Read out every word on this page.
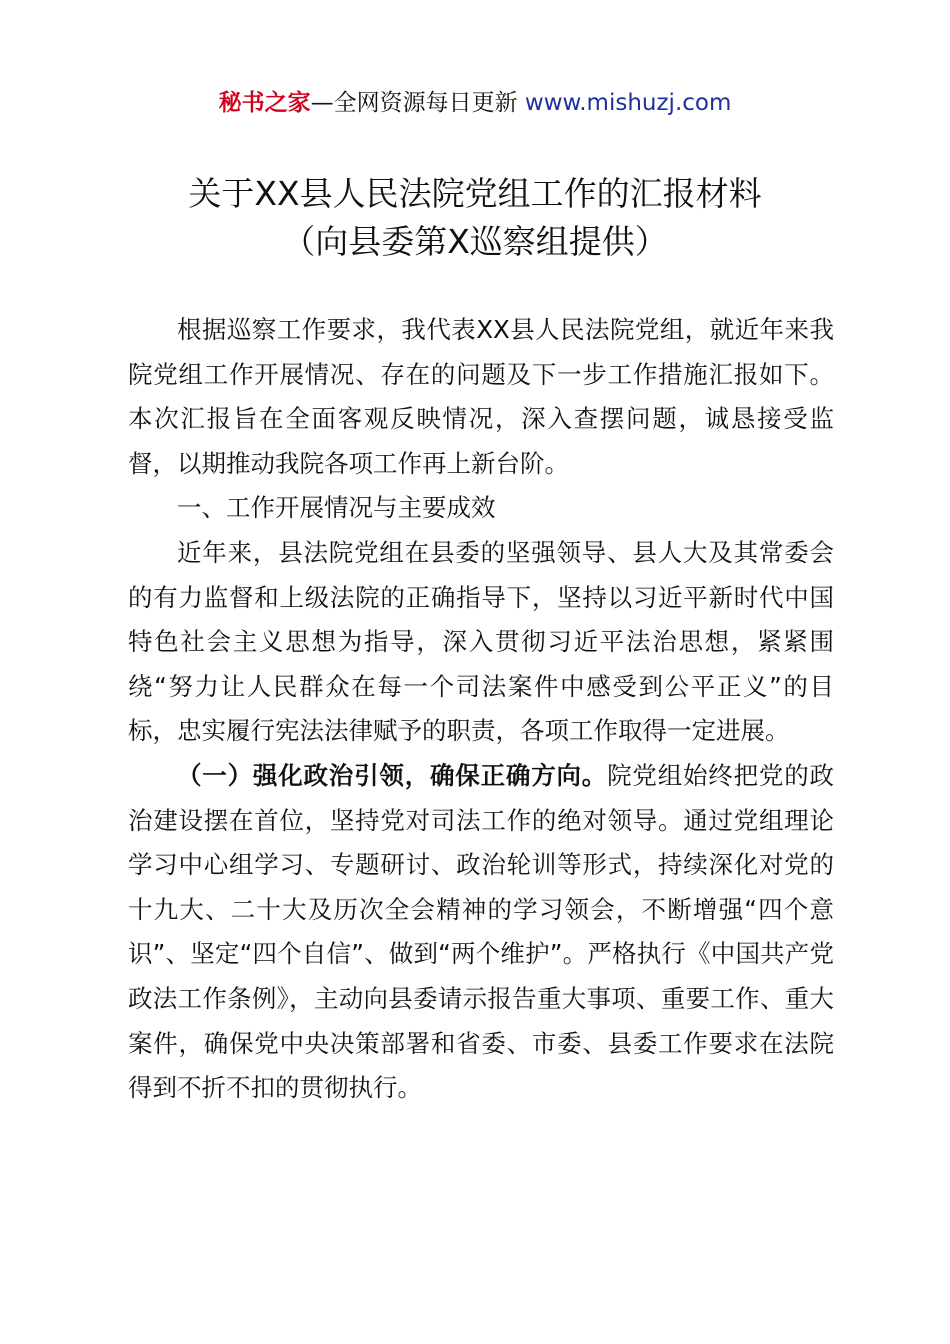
秘书之家—全网资源每日更新 www.mishuzj.com
关于XX县人民法院党组工作的汇报材料
（向县委第X巡察组提供）

根据巡察工作要求，我代表XX县人民法院党组，就近年来我院党组工作开展情况、存在的问题及下一步工作措施汇报如下。本次汇报旨在全面客观反映情况，深入查摆问题，诚恳接受监督，以期推动我院各项工作再上新台阶。

一、工作开展情况与主要成效

近年来，县法院党组在县委的坚强领导、县人大及其常委会的有力监督和上级法院的正确指导下，坚持以习近平新时代中国特色社会主义思想为指导，深入贯彻习近平法治思想，紧紧围绕“努力让人民群众在每一个司法案件中感受到公平正义”的目标，忠实履行宪法法律赋予的职责，各项工作取得一定进展。

（一）强化政治引领，确保正确方向。院党组始终把党的政治建设摆在首位，坚持党对司法工作的绝对领导。通过党组理论学习中心组学习、专题研讨、政治轮训等形式，持续深化对党的十九大、二十大及历次全会精神的学习领会，不断增强“四个意识”、坚定“四个自信”、做到“两个维护”。严格执行《中国共产党政法工作条例》，主动向县委请示报告重大事项、重要工作、重大案件，确保党中央决策部署和省委、市委、县委工作要求在法院得到不折不扣的贯彻执行。
